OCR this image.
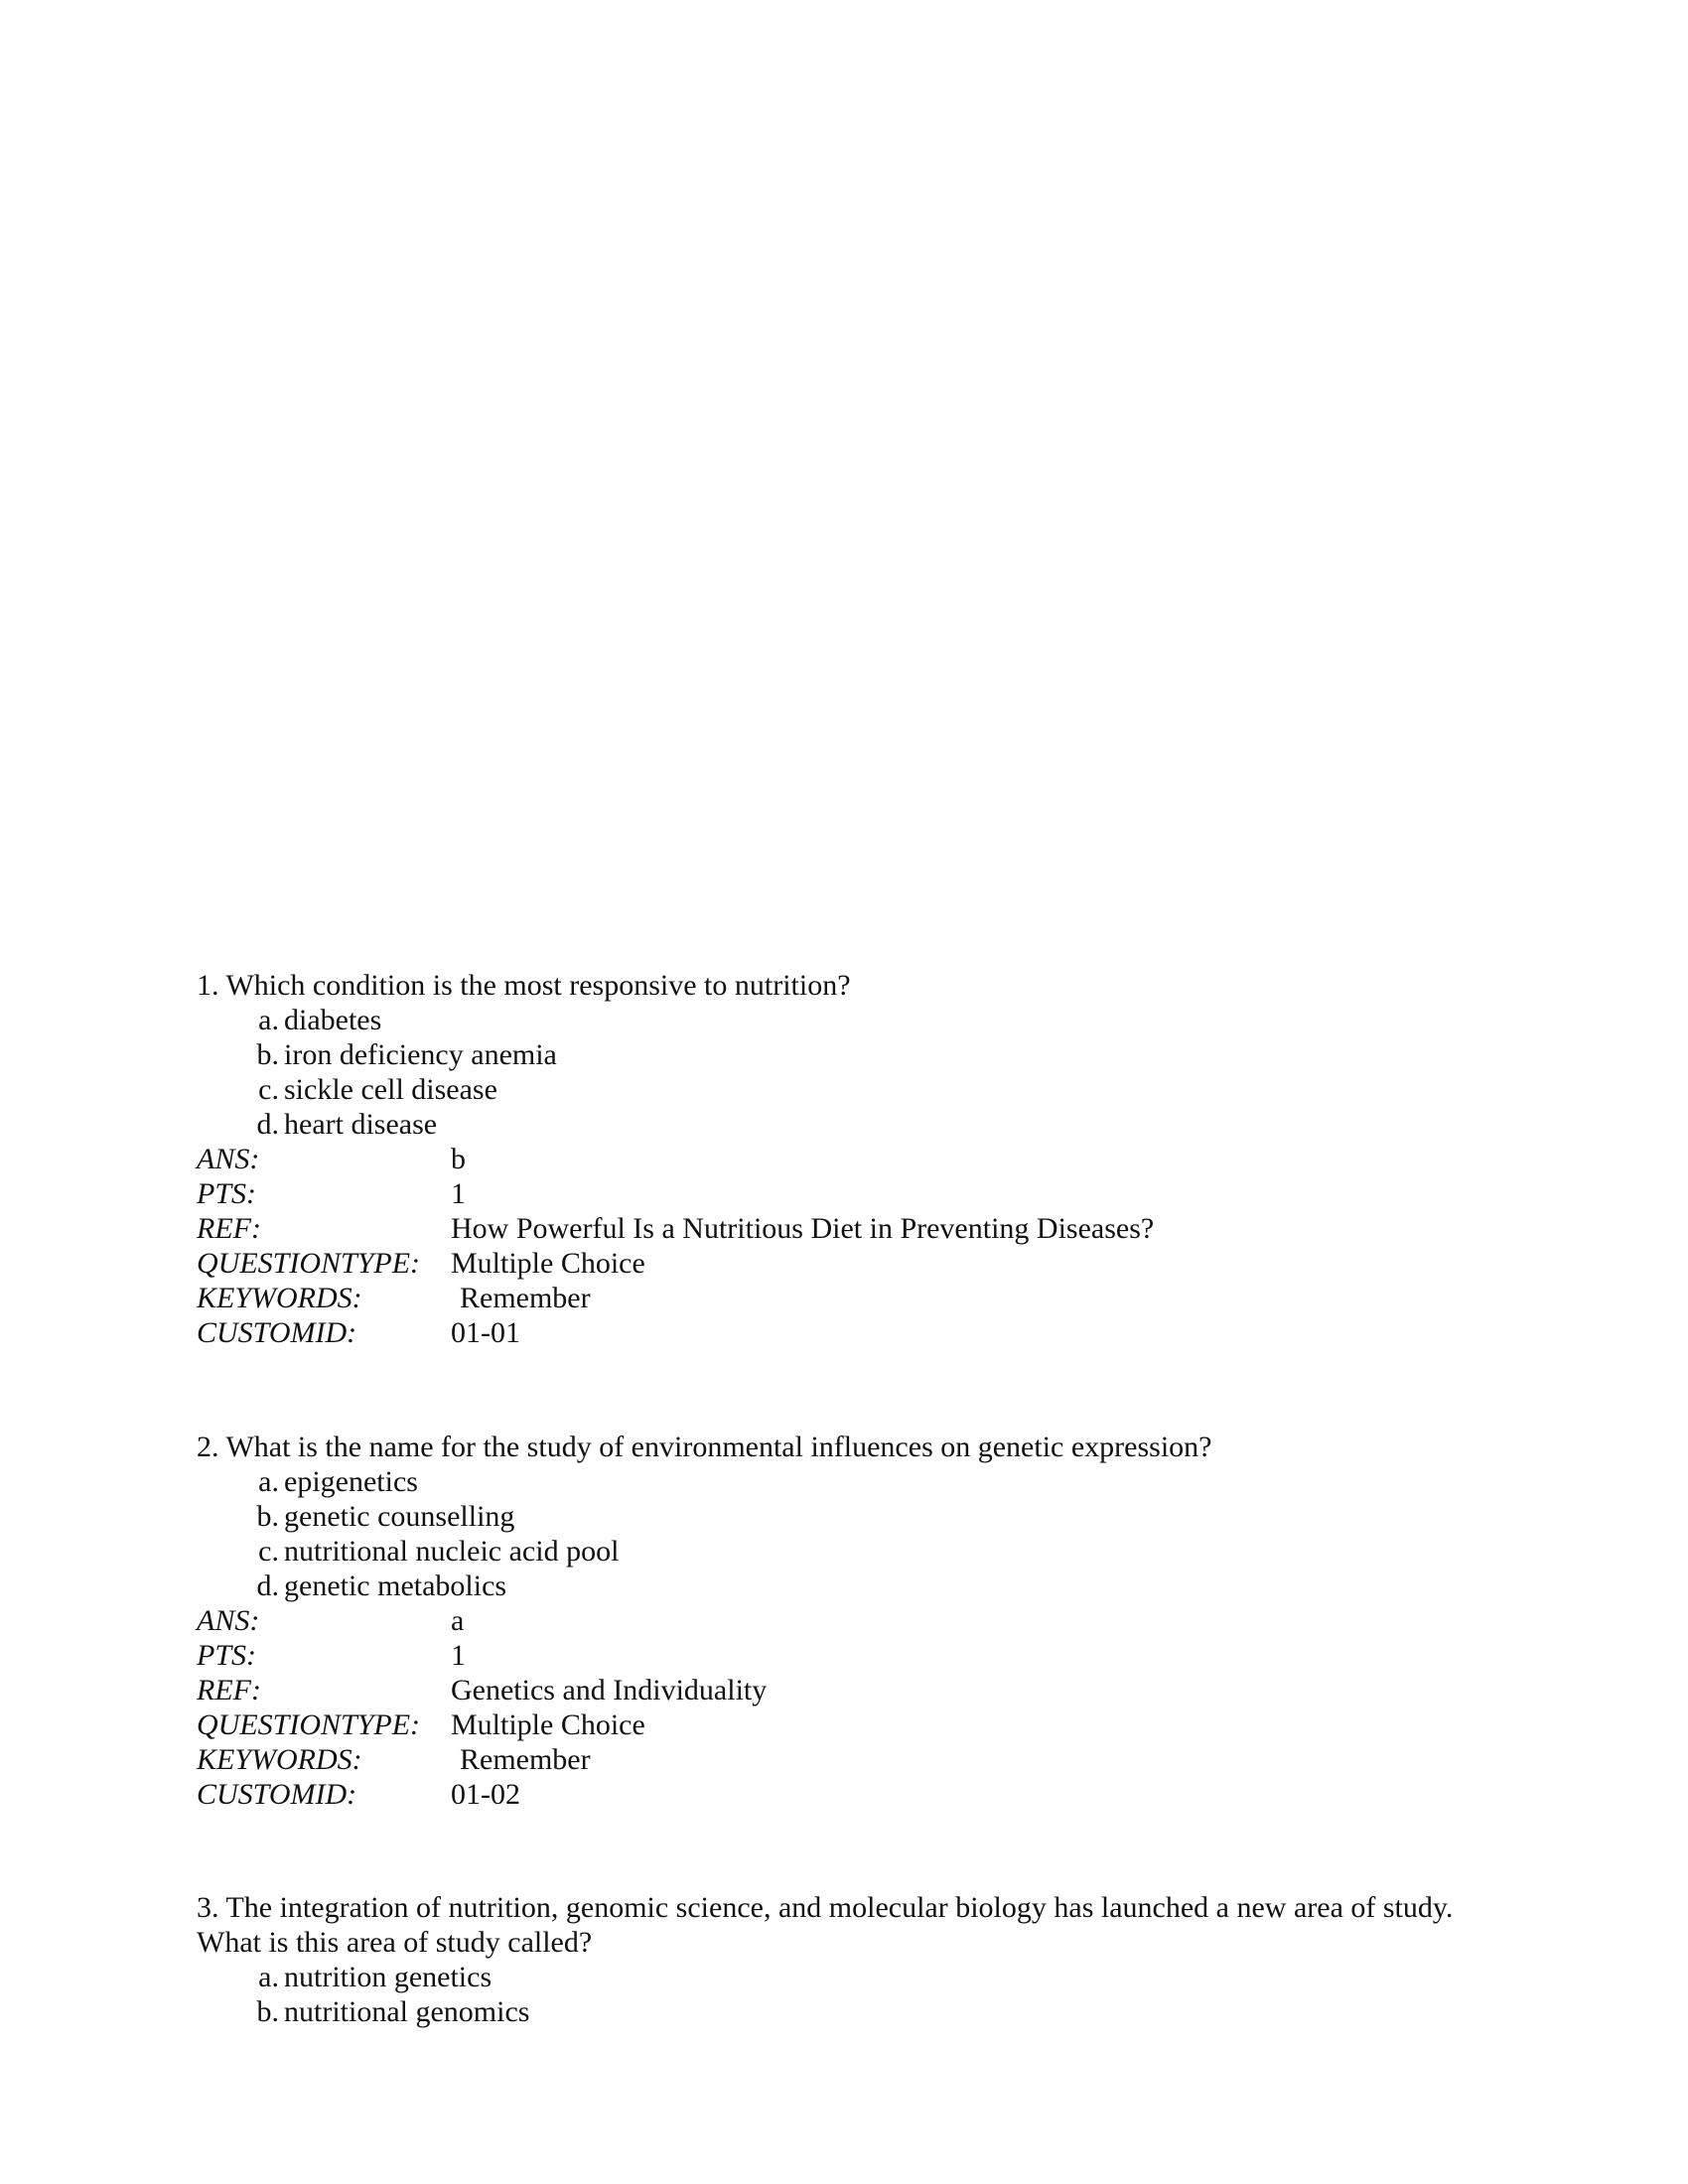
1. Which condition is the most responsive to nutrition?

a. diabetes
b. iron deficiency anemia
c. sickle cell disease
d. heart disease
ANS:	b
PTS:	1
REF:	How Powerful Is a Nutritious Diet in Preventing Diseases?
QUESTIONTYPE:	Multiple Choice
KEYWORDS:	Remember
CUSTOMID:	01-01

2. What is the name for the study of environmental influences on genetic expression?

a. epigenetics
b. genetic counselling
c. nutritional nucleic acid pool
d. genetic metabolics
ANS:	a
PTS:	1
REF:	Genetics and Individuality
QUESTIONTYPE:	Multiple Choice
KEYWORDS:	Remember
CUSTOMID:	01-02

3. The integration of nutrition, genomic science, and molecular biology has launched a new area of study. What is this area of study called?

a. nutrition genetics
b. nutritional genomics
